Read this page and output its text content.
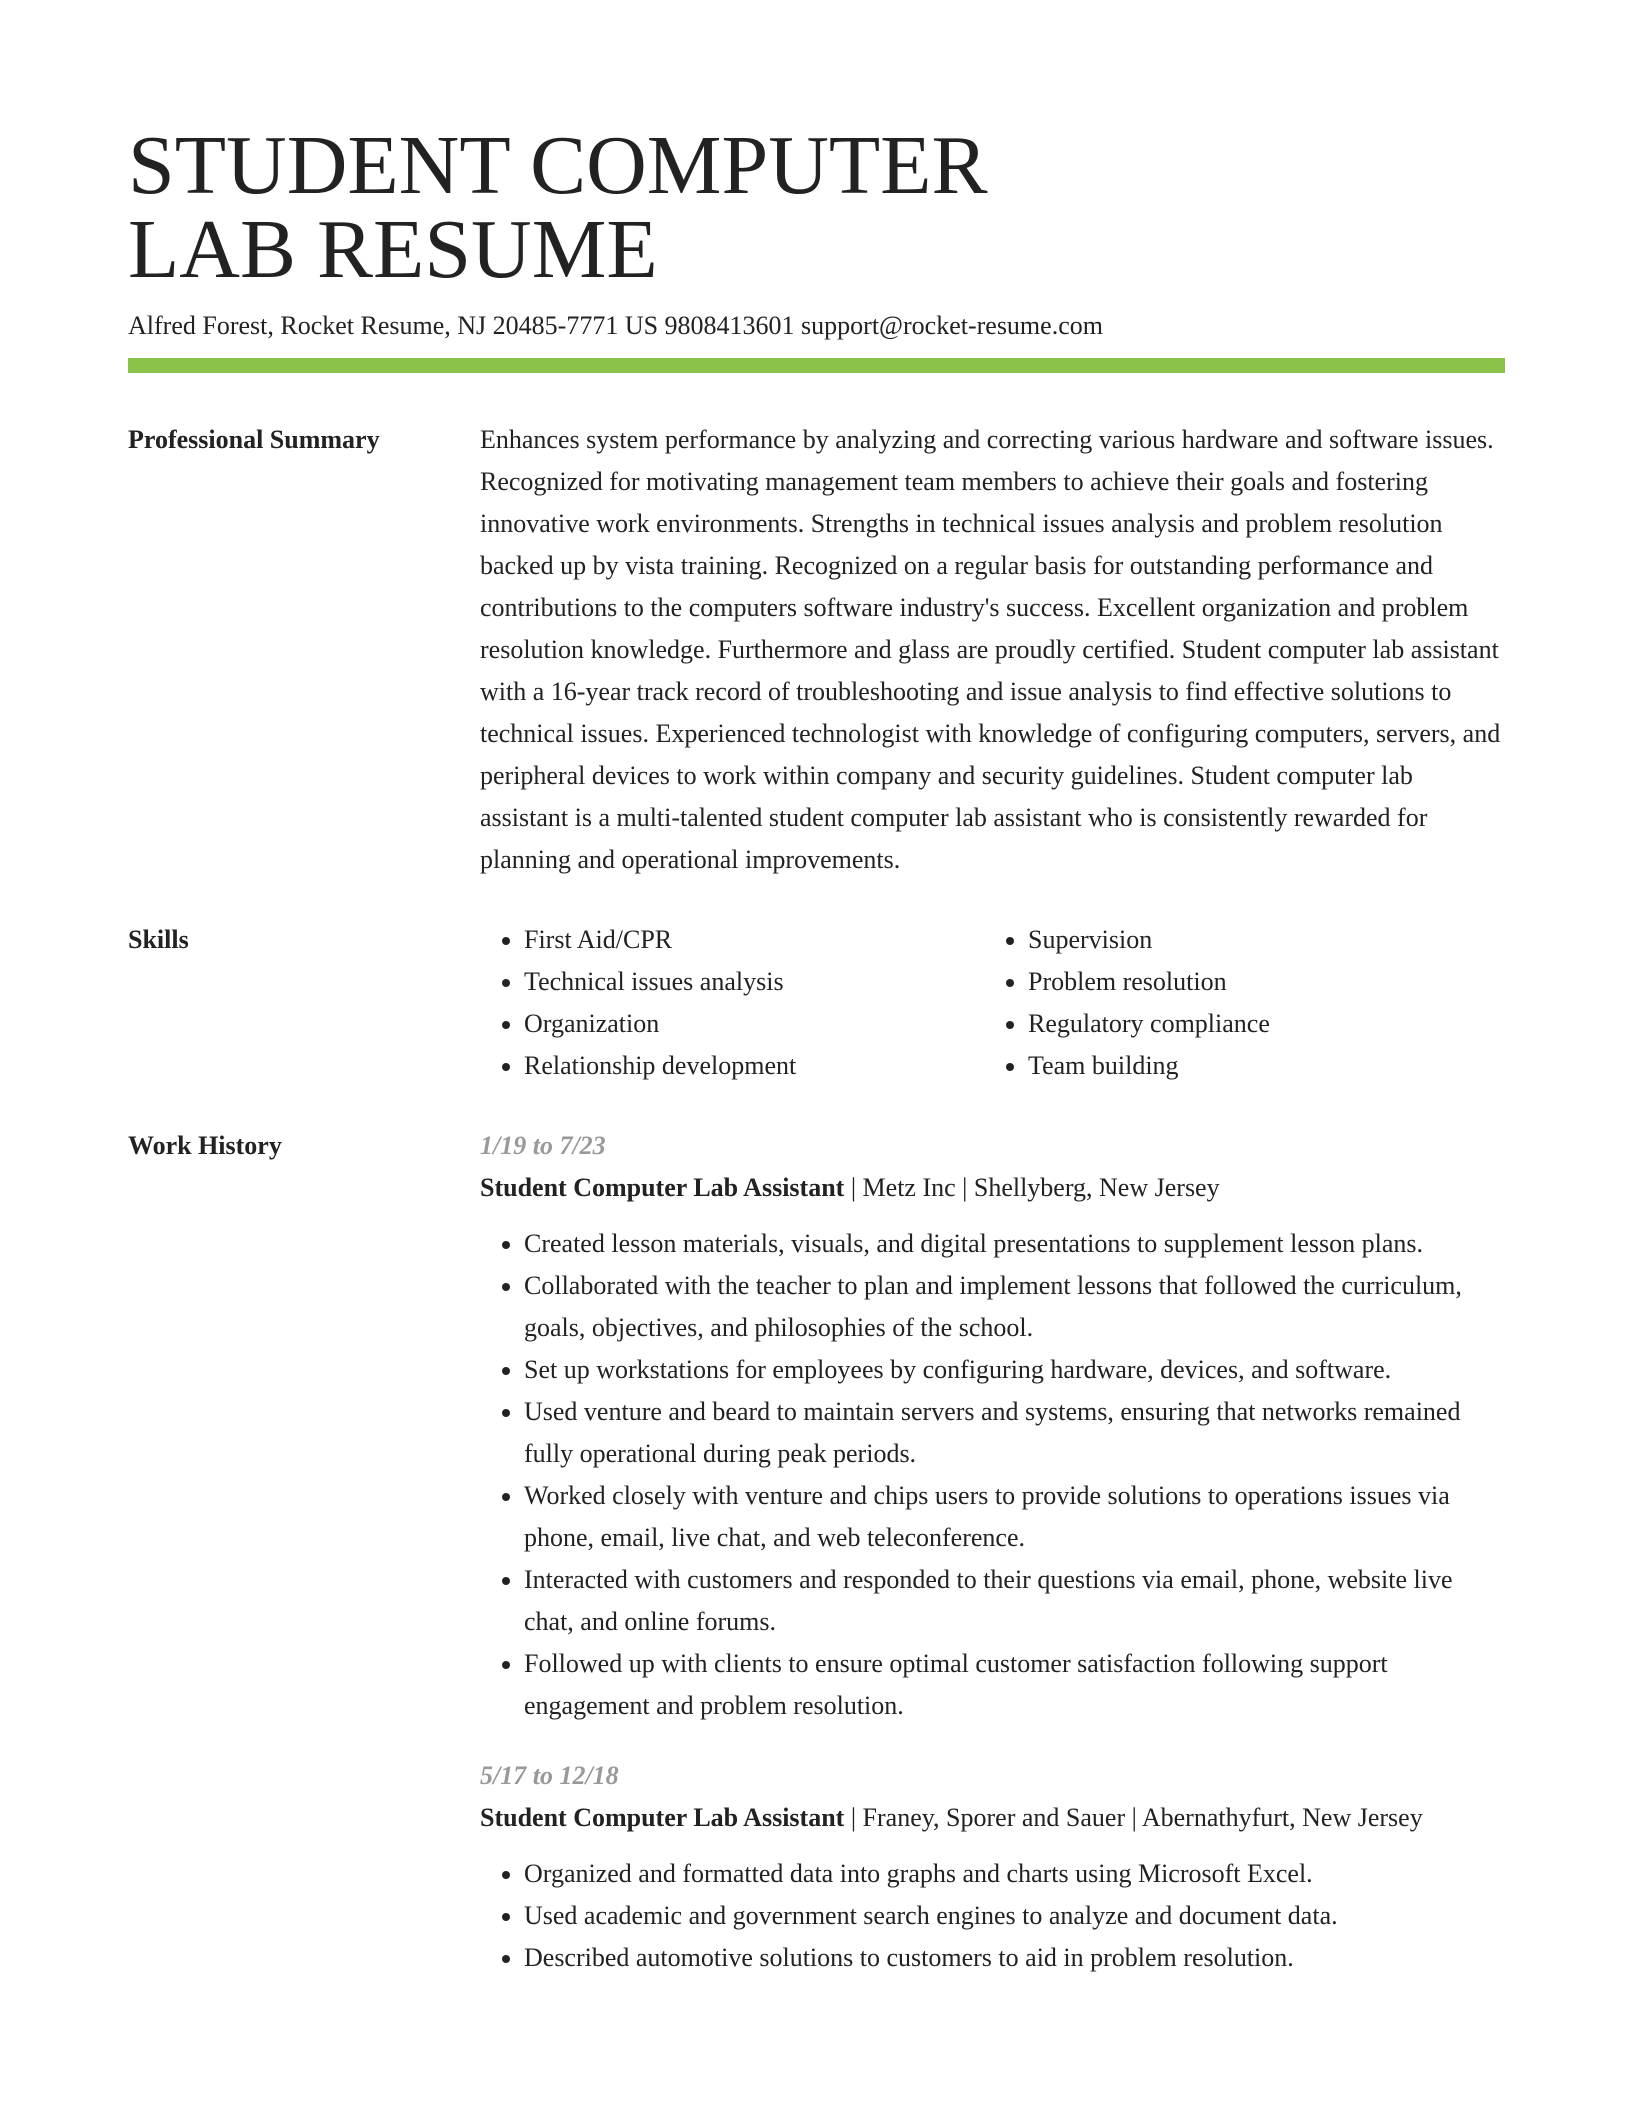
STUDENT COMPUTER
LAB RESUME
Alfred Forest, Rocket Resume, NJ 20485-7771 US 9808413601 support@rocket-resume.com
Professional Summary	Enhances system performance by analyzing and correcting various hardware and software issues. Recognized for motivating management team members to achieve their goals and fostering innovative work environments. Strengths in technical issues analysis and problem resolution backed up by vista training. Recognized on a regular basis for outstanding performance and contributions to the computers software industry's success. Excellent organization and problem resolution knowledge. Furthermore and glass are proudly certified. Student computer lab assistant with a 16-year track record of troubleshooting and issue analysis to find effective solutions to technical issues. Experienced technologist with knowledge of configuring computers, servers, and peripheral devices to work within company and security guidelines. Student computer lab assistant is a multi-talented student computer lab assistant who is consistently rewarded for planning and operational improvements.

Skills
•	First Aid/CPR
• Technical issues analysis
• Organization
• Relationship development
• Supervision
• Problem resolution
• Regulatory compliance
• Team building
Work History	1/19 to 7/23
Student Computer Lab Assistant | Metz Inc | Shellyberg, New Jersey
• Created lesson materials, visuals, and digital presentations to supplement lesson plans.
• Collaborated with the teacher to plan and implement lessons that followed the curriculum, goals, objectives, and philosophies of the school.
• Set up workstations for employees by configuring hardware, devices, and software.
• Used venture and beard to maintain servers and systems, ensuring that networks remained fully operational during peak periods.
• Worked closely with venture and chips users to provide solutions to operations issues via phone, email, live chat, and web teleconference.
• Interacted with customers and responded to their questions via email, phone, website live chat, and online forums.
• Followed up with clients to ensure optimal customer satisfaction following support engagement and problem resolution.
5/17 to 12/18
Student Computer Lab Assistant | Franey, Sporer and Sauer | Abernathyfurt, New Jersey
• Organized and formatted data into graphs and charts using Microsoft Excel.
• Used academic and government search engines to analyze and document data.
• Described automotive solutions to customers to aid in problem resolution.
